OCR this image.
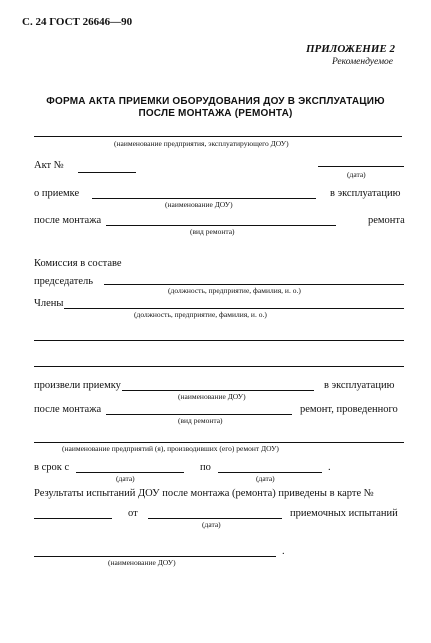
С. 24 ГОСТ 26646—90
ПРИЛОЖЕНИЕ 2
Рекомендуемое
ФОРМА АКТА ПРИЕМКИ ОБОРУДОВАНИЯ ДОУ В ЭКСПЛУАТАЦИЮ
ПОСЛЕ МОНТАЖА (РЕМОНТА)
(наименование предприятия, эксплуатирующего ДОУ)
Акт №
(дата)
о приемке
(наименование ДОУ)
в эксплуатацию
после монтажа
(вид ремонта)
ремонта
Комиссия в составе
председатель
(должность, предприятие, фамилия, и. о.)
Члены
(должность, предприятие, фамилия, и. о.)
произвели приемку
(наименование ДОУ)
в эксплуатацию
после монтажа
(вид ремонта)
ремонт, проведенного
(наименование предприятий (я), производивших (его) ремонт ДОУ)
в срок с
(дата)
по
(дата)
.
Результаты испытаний ДОУ после монтажа (ремонта) приведены в карте №
от
(дата)
приемочных испытаний
.
(наименование ДОУ)
